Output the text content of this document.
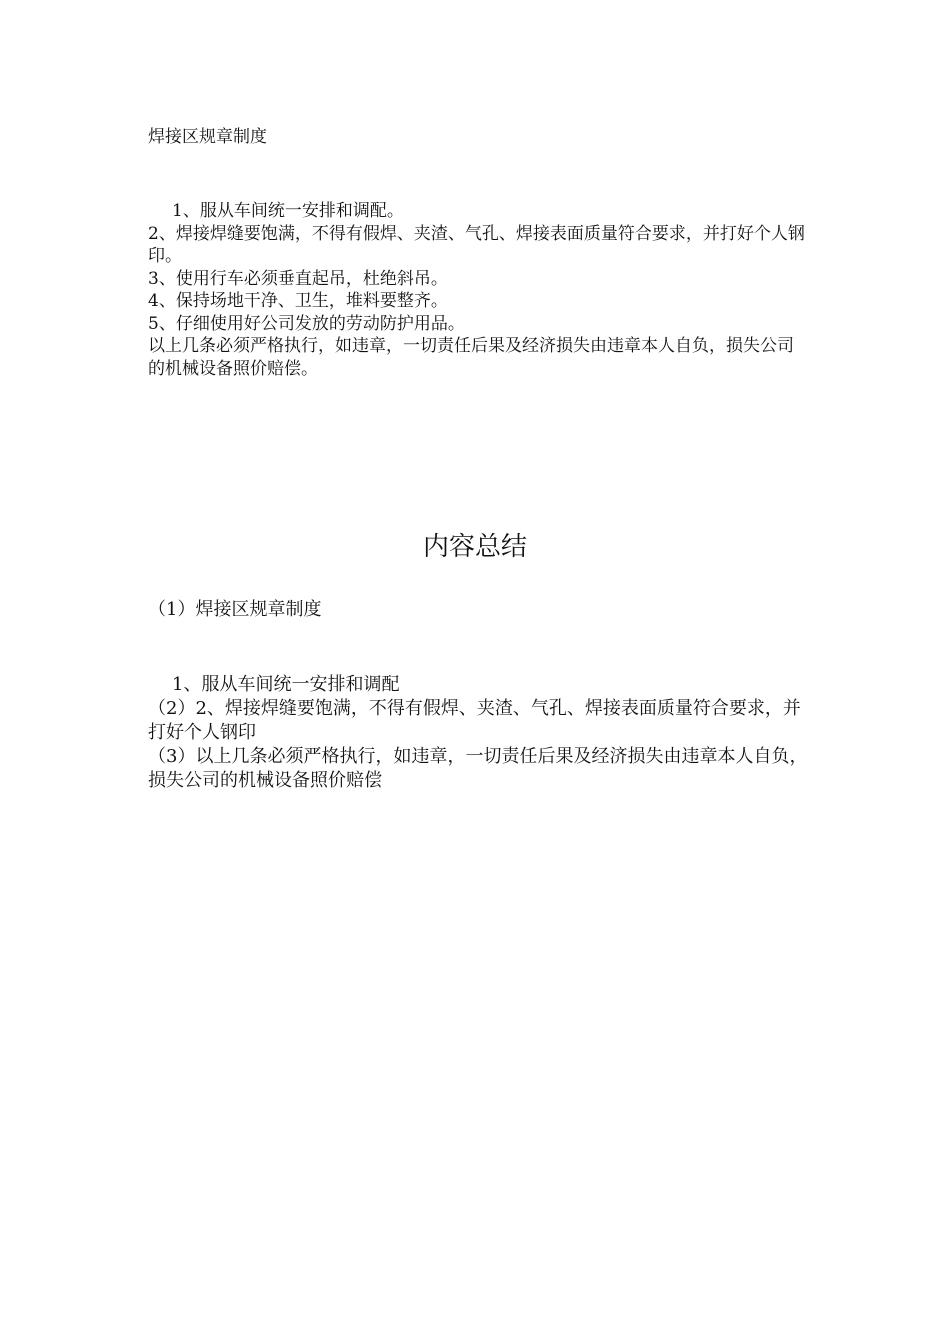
焊接区规章制度

1、服从车间统一安排和调配。

2、焊接焊缝要饱满，不得有假焊、夹渣、气孔、焊接表面质量符合要求，并打好个人钢印。

3、使用行车必须垂直起吊，杜绝斜吊。

4、保持场地干净、卫生，堆料要整齐。

5、仔细使用好公司发放的劳动防护用品。

以上几条必须严格执行，如违章，一切责任后果及经济损失由违章本人自负，损失公司的机械设备照价赔偿。

内容总结
（1）焊接区规章制度

1、服从车间统一安排和调配

（2）2、焊接焊缝要饱满，不得有假焊、夹渣、气孔、焊接表面质量符合要求，并打好个人钢印

（3）以上几条必须严格执行，如违章，一切责任后果及经济损失由违章本人自负，损失公司的机械设备照价赔偿
